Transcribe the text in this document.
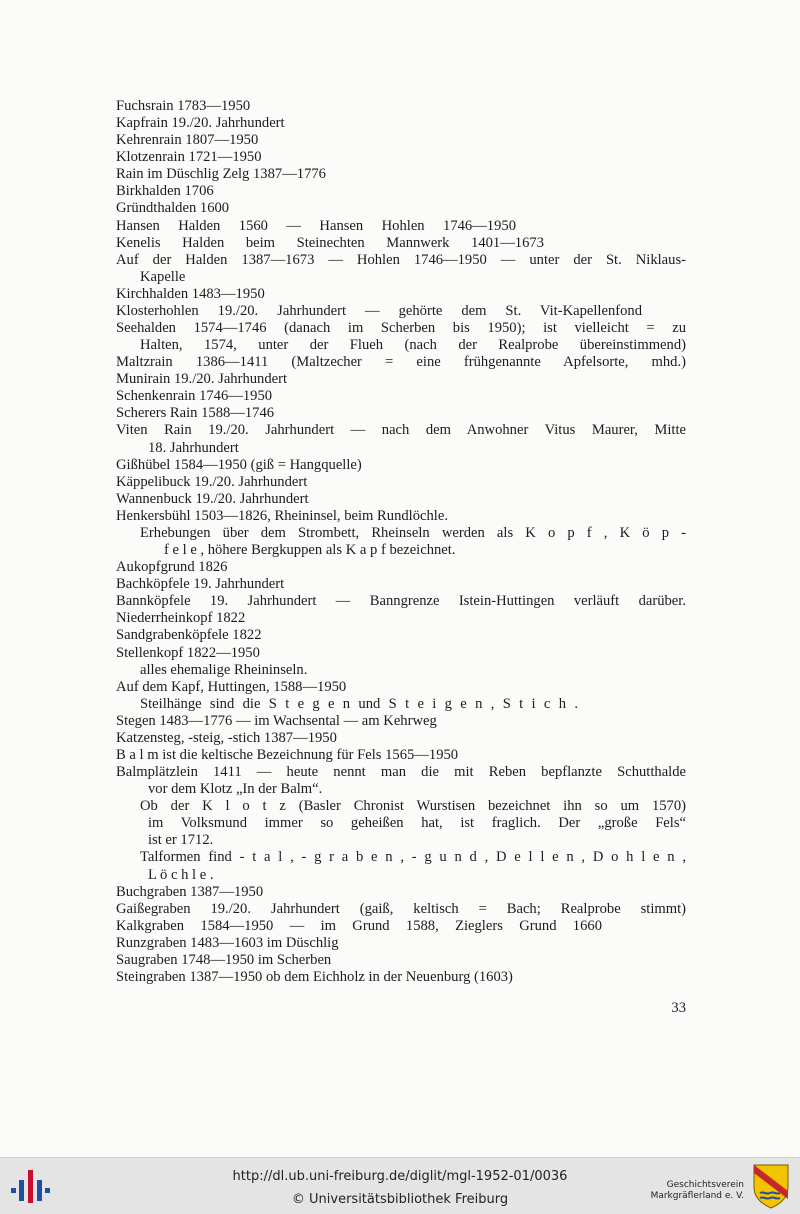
Fuchsrain 1783—1950
Kapfrain 19./20. Jahrhundert
Kehrenrain 1807—1950
Klotzenrain 1721—1950
Rain im Düschlig Zelg 1387—1776
Birkhalden 1706
Gründthalden 1600
Hansen Halden 1560 — Hansen Hohlen 1746—1950
Kenelis Halden beim Steinechten Mannwerk 1401—1673
Auf der Halden 1387—1673 — Hohlen 1746—1950 — unter der St. Niklaus-
Kapelle
Kirchhalden 1483—1950
Klosterhohlen 19./20. Jahrhundert — gehörte dem St. Vit-Kapellenfond
Seehalden 1574—1746 (danach im Scherben bis 1950); ist vielleicht = zu
Halten, 1574, unter der Flueh (nach der Realprobe übereinstimmend)
Maltzrain 1386—1411 (Maltzecher = eine frühgenannte Apfelsorte, mhd.)
Munirain 19./20. Jahrhundert
Schenkenrain 1746—1950
Scherers Rain 1588—1746
Viten Rain 19./20. Jahrhundert — nach dem Anwohner Vitus Maurer, Mitte
18. Jahrhundert
Gißhübel 1584—1950 (giß = Hangquelle)
Käppelibuck 19./20. Jahrhundert
Wannenbuck 19./20. Jahrhundert
Henkersbühl 1503—1826, Rheininsel, beim Rundlöchle.
Erhebungen über dem Strombett, Rheinseln werden als K o p f , K ö p -
f e l e , höhere Bergkuppen als K a p f bezeichnet.
Aukopfgrund 1826
Bachköpfele 19. Jahrhundert
Bannköpfele 19. Jahrhundert — Banngrenze Istein-Huttingen verläuft darüber.
Niederrheinkopf 1822
Sandgrabenköpfele 1822
Stellenkopf 1822—1950
alles ehemalige Rheininseln.
Auf dem Kapf, Huttingen, 1588—1950
Steilhänge sind die S t e g e n und S t e i g e n , S t i c h .
Stegen 1483—1776 — im Wachsental — am Kehrweg
Katzensteg, -steig, -stich 1387—1950
B a l m ist die keltische Bezeichnung für Fels 1565—1950
Balmplätzlein 1411 — heute nennt man die mit Reben bepflanzte Schutthalde
vor dem Klotz „In der Balm“.
Ob der K l o t z (Basler Chronist Wurstisen bezeichnet ihn so um 1570)
im Volksmund immer so geheißen hat, ist fraglich. Der „große Fels“
ist er 1712.
Talformen find - t a l , - g r a b e n , - g u n d , D e l l e n , D o h l e n ,
L ö c h l e .
Buchgraben 1387—1950
Gaißegraben 19./20. Jahrhundert (gaiß, keltisch = Bach; Realprobe stimmt)
Kalkgraben 1584—1950 — im Grund 1588, Zieglers Grund 1660
Runzgraben 1483—1603 im Düschlig
Saugraben 1748—1950 im Scherben
Steingraben 1387—1950 ob dem Eichholz in der Neuenburg (1603)
33
http://dl.ub.uni-freiburg.de/diglit/mgl-1952-01/0036
© Universitätsbibliothek Freiburg
Geschichtsverein
Markgräflerland e. V.
